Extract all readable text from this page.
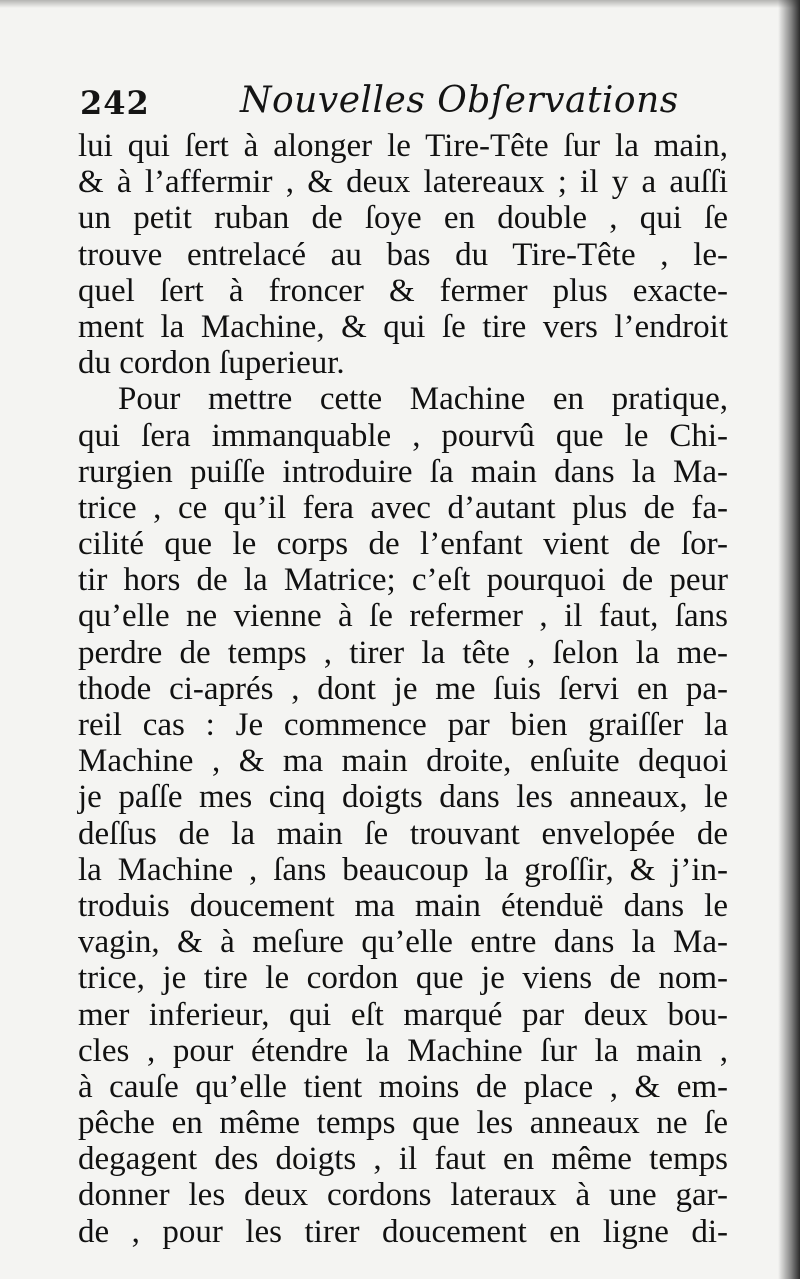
242	Nouvelles Obſervations
lui qui ſert à alonger le Tire-Tête ſur la main,
& à l’affermir , & deux latereaux ; il y a auſſi
un petit ruban de ſoye en double , qui ſe
trouve entrelacé au bas du Tire-Tête , le-
quel ſert à froncer & fermer plus exacte-
ment la Machine, & qui ſe tire vers l’endroit
du cordon ſuperieur.
Pour mettre cette Machine en pratique,
qui ſera immanquable , pourvû que le Chi-
rurgien puiſſe introduire ſa main dans la Ma-
trice , ce qu’il fera avec d’autant plus de fa-
cilité que le corps de l’enfant vient de ſor-
tir hors de la Matrice; c’eſt pourquoi de peur
qu’elle ne vienne à ſe refermer , il faut, ſans
perdre de temps , tirer la tête , ſelon la me-
thode ci-aprés , dont je me ſuis ſervi en pa-
reil cas : Je commence par bien graiſſer la
Machine , & ma main droite, enſuite dequoi
je paſſe mes cinq doigts dans les anneaux, le
deſſus de la main ſe trouvant envelopée de
la Machine , ſans beaucoup la groſſir, & j’in-
troduis doucement ma main étenduë dans le
vagin, & à meſure qu’elle entre dans la Ma-
trice, je tire le cordon que je viens de nom-
mer inferieur, qui eſt marqué par deux bou-
cles , pour étendre la Machine ſur la main ,
à cauſe qu’elle tient moins de place , & em-
pêche en même temps que les anneaux ne ſe
degagent des doigts , il faut en même temps
donner les deux cordons lateraux à une gar-
de , pour les tirer doucement en ligne di-
